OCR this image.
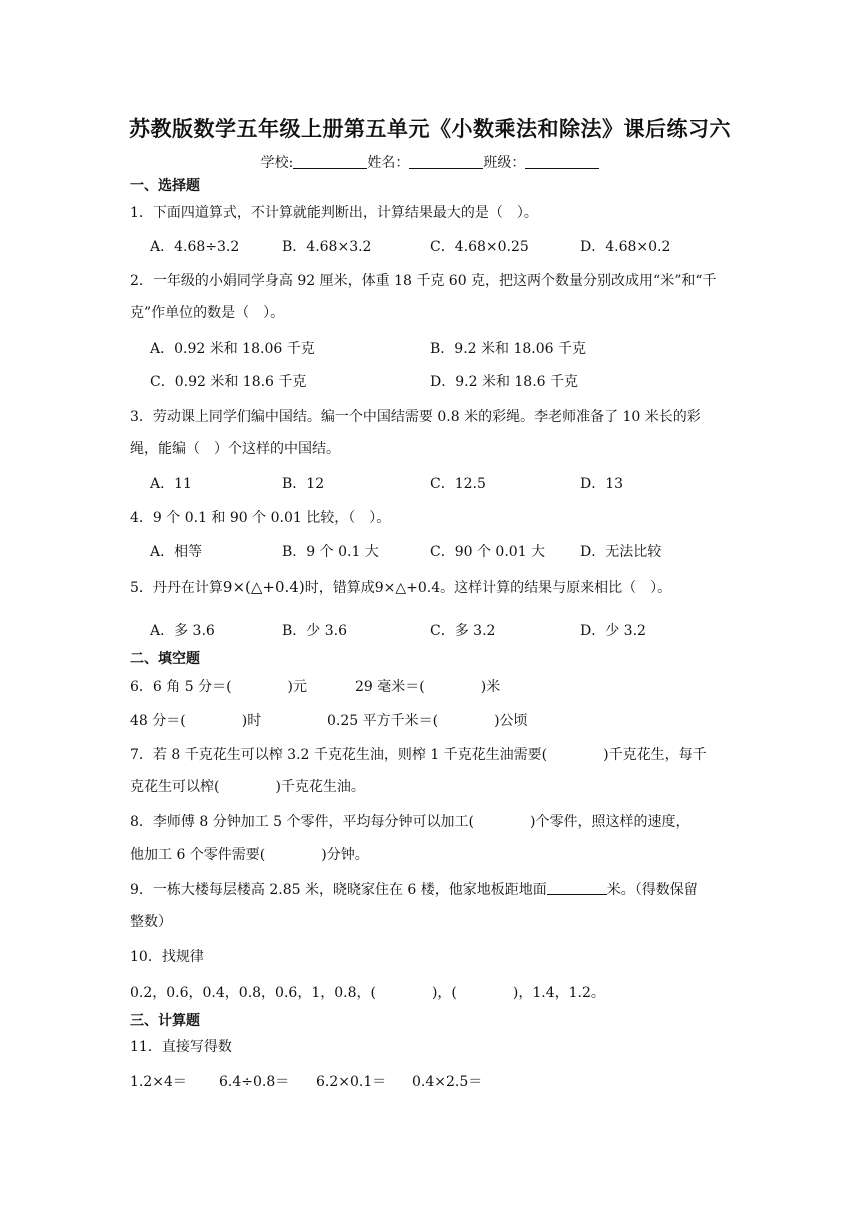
苏教版数学五年级上册第五单元《小数乘法和除法》课后练习六
学校:	姓名：	班级：
一、选择题
1．下面四道算式，不计算就能判断出，计算结果最大的是（　）。
A．4.68÷3.2	B．4.68×3.2	C．4.68×0.25	D．4.68×0.2
2．一年级的小娟同学身高 92 厘米，体重 18 千克 60 克，把这两个数量分别改成用“米”和“千
克”作单位的数是（　）。
A．0.92 米和 18.06 千克	B．9.2 米和 18.06 千克
C．0.92 米和 18.6 千克	D．9.2 米和 18.6 千克
3．劳动课上同学们编中国结。编一个中国结需要 0.8 米的彩绳。李老师准备了 10 米长的彩
绳，能编（　）个这样的中国结。
A．11	B．12	C．12.5	D．13
4．9 个 0.1 和 90 个 0.01 比较，（　）。
A．相等	B．9 个 0.1 大	C．90 个 0.01 大 D．无法比较
5．丹丹在计算9×(△+0.4)时，错算成9×△+0.4。这样计算的结果与原来相比（　）。
A．多 3.6	B．少 3.6	C．多 3.2	D．少 3.2
二、填空题
6．6 角 5 分＝(　　　　)元	29 毫米＝(　　　　)米
48 分＝(　　　　)时	0.25 平方千米＝(　　　　)公顷
7．若 8 千克花生可以榨 3.2 千克花生油，则榨 1 千克花生油需要(　　　　)千克花生，每千
克花生可以榨(　　　　)千克花生油。
8．李师傅 8 分钟加工 5 个零件，平均每分钟可以加工(　　　　)个零件，照这样的速度，
他加工 6 个零件需要(　　　　)分钟。
9．一栋大楼每层楼高 2.85 米，晓晓家住在 6 楼，他家地板距地面	米。（得数保留
整数）
10．找规律
0.2，0.6，0.4，0.8，0.6，1，0.8，(　　　　)，(　　　　)，1.4，1.2。
三、计算题
11．直接写得数
1.2×4＝ 6.4÷0.8＝ 6.2×0.1＝ 0.4×2.5＝
